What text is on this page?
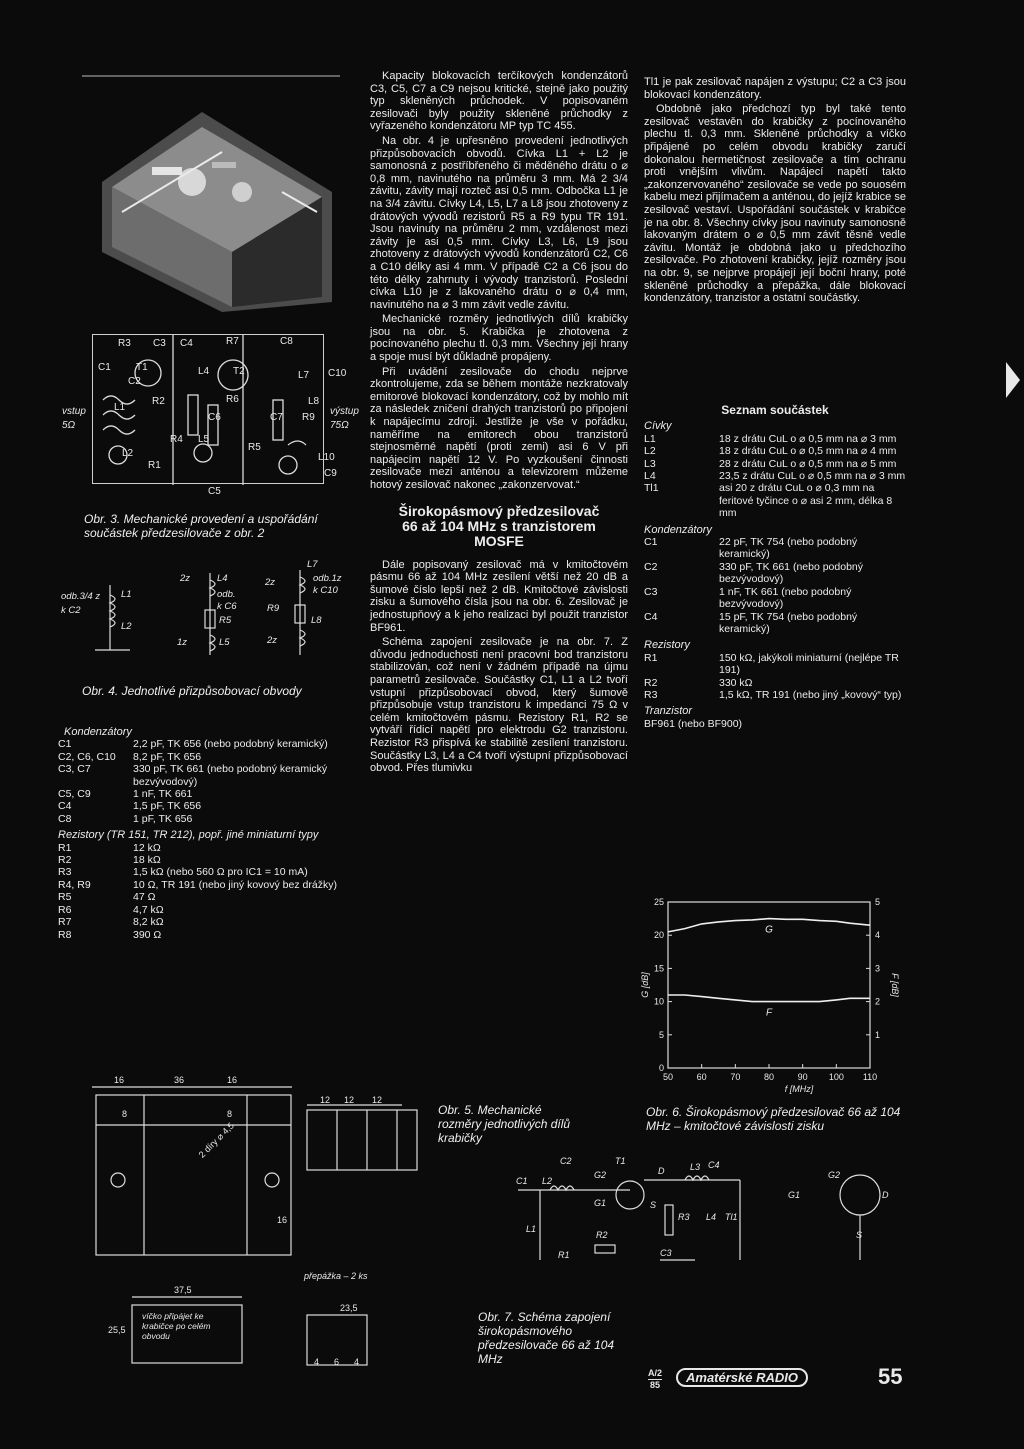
R3 C3 C4	R7	C8
C1	T1	L4 T2	L7 C10
C2
L1
R2	R6	L8
R4
C6	C7 R9
L5
R5
L10
C9
L2
R1
C5
vstup
5Ω
výstup
75Ω
Obr. 3. Mechanické provedení a uspořádání součástek předzesilovače z obr. 2
odb.3/4 z
k C2
L1
L2
2z	L4
odb.
k C6
R5
1z	L5
2z
R9
L7
odb.1z
k C10
L8
2z
Obr. 4. Jednotlivé přizpůsobovací obvody
Kondenzátory
C1	2,2 pF, TK 656 (nebo podobný keramický)
C2, C6, C10	8,2 pF, TK 656
C3, C7	330 pF, TK 661 (nebo podobný keramický bezvývodový)
C5, C9	1 nF, TK 661
C4	1,5 pF, TK 656
C8	1 pF, TK 656
Rezistory (TR 151, TR 212), popř. jiné miniaturní typy
R1	12 kΩ
R2	18 kΩ
R3	1,5 kΩ (nebo 560 Ω pro IC1 = 10 mA)
R4, R9	10 Ω, TR 191 (nebo jiný kovový bez drážky)
R5	47 Ω
R6	4,7 kΩ
R7	8,2 kΩ
R8	390 Ω
16	36	16
8	8
2 díry ⌀ 4,5
16
12 12 12
přepážka – 2 ks
23,5
37,5
25,5
víčko připájet ke krabičce po celém obvodu
4 6 4
Obr. 5. Mechanické rozměry jednotlivých dílů krabičky

Kapacity blokovacích terčíkových kondenzátorů C3, C5, C7 a C9 nejsou kritické, stejně jako použitý typ skleněných průchodek. V popisovaném zesilovači byly použity skleněné průchodky z vyřazeného kondenzátoru MP typ TC 455.

Na obr. 4 je upřesněno provedení jednotlivých přizpůsobovacích obvodů. Cívka L1 + L2 je samonosná z postříbřeného či měděného drátu o ⌀ 0,8 mm, navinutého na průměru 3 mm. Má 2 3/4 závitu, závity mají rozteč asi 0,5 mm. Odbočka L1 je na 3/4 závitu. Cívky L4, L5, L7 a L8 jsou zhotoveny z drátových vývodů rezistorů R5 a R9 typu TR 191. Jsou navinuty na průměru 2 mm, vzdálenost mezi závity je asi 0,5 mm. Cívky L3, L6, L9 jsou zhotoveny z drátových vývodů kondenzátorů C2, C6 a C10 délky asi 4 mm. V případě C2 a C6 jsou do této délky zahrnuty i vývody tranzistorů. Poslední cívka L10 je z lakovaného drátu o ⌀ 0,4 mm, navinutého na ⌀ 3 mm závit vedle závitu.

Mechanické rozměry jednotlivých dílů krabičky jsou na obr. 5. Krabička je zhotovena z pocínovaného plechu tl. 0,3 mm. Všechny její hrany a spoje musí být důkladně propájeny.

Při uvádění zesilovače do chodu nejprve zkontrolujeme, zda se během montáže nezkratovaly emitorové blokovací kondenzátory, což by mohlo mít za následek zničení drahých tranzistorů po připojení k napájecímu zdroji. Jestliže je vše v pořádku, naměříme na emitorech obou tranzistorů stejnosměrné napětí (proti zemi) asi 6 V při napájecím napětí 12 V. Po vyzkoušení činnosti zesilovače mezi anténou a televizorem můžeme hotový zesilovač nakonec „zakonzervovat.“

Širokopásmový předzesilovač 66 až 104 MHz s tranzistorem MOSFE

Dále popisovaný zesilovač má v kmitočtovém pásmu 66 až 104 MHz zesílení větší než 20 dB a šumové číslo lepší než 2 dB. Kmitočtové závislosti zisku a šumového čísla jsou na obr. 6. Zesilovač je jednostupňový a k jeho realizaci byl použit tranzistor BF961.

Schéma zapojení zesilovače je na obr. 7. Z důvodu jednoduchosti není pracovní bod tranzistoru stabilizován, což není v žádném případě na újmu parametrů zesilovače. Součástky C1, L1 a L2 tvoří vstupní přizpůsobovací obvod, který šumově přizpůsobuje vstup tranzistoru k impedanci 75 Ω v celém kmitočtovém pásmu. Rezistory R1, R2 se vytváří řídicí napětí pro elektrodu G2 tranzistoru. Rezistor R3 přispívá ke stabilitě zesílení tranzistoru. Součástky L3, L4 a C4 tvoří výstupní přizpůsobovací obvod. Přes tlumivku

Tl1 je pak zesilovač napájen z výstupu; C2 a C3 jsou blokovací kondenzátory.

Obdobně jako předchozí typ byl také tento zesilovač vestavěn do krabičky z pocínovaného plechu tl. 0,3 mm. Skleněné průchodky a víčko připájené po celém obvodu krabičky zaručí dokonalou hermetičnost zesilovače a tím ochranu proti vnějším vlivům. Napájecí napětí takto „zakonzervovaného“ zesilovače se vede po souosém kabelu mezi přijímačem a anténou, do jejíž krabice se zesilovač vestaví. Uspořádání součástek v krabičce je na obr. 8. Všechny cívky jsou navinuty samonosně lakovaným drátem o ⌀ 0,5 mm závit těsně vedle závitu. Montáž je obdobná jako u předchozího zesilovače. Po zhotovení krabičky, jejíž rozměry jsou na obr. 9, se nejprve propájejí její boční hrany, poté skleněné průchodky a přepážka, dále blokovací kondenzátory, tranzistor a ostatní součástky.

Seznam součástek
Cívky
L1	18 z drátu CuL o ⌀ 0,5 mm na ⌀ 3 mm
L2	18 z drátu CuL o ⌀ 0,5 mm na ⌀ 4 mm
L3	28 z drátu CuL o ⌀ 0,5 mm na ⌀ 5 mm
L4	23,5 z drátu CuL o ⌀ 0,5 mm na ⌀ 3 mm
Tl1	asi 20 z drátu CuL o ⌀ 0,3 mm na feritové tyčince o ⌀ asi 2 mm, délka 8 mm
Kondenzátory
C1	22 pF, TK 754 (nebo podobný keramický)
C2	330 pF, TK 661 (nebo podobný bezvývodový)
C3	1 nF, TK 661 (nebo podobný bezvývodový)
C4	15 pF, TK 754 (nebo podobný keramický)
Rezistory
R1	150 kΩ, jakýkoli miniaturní (nejlépe TR 191)
R2	330 kΩ
R3	1,5 kΩ, TR 191 (nebo jiný „kovový“ typ)
Tranzistor
BF961 (nebo BF900)
50	60	70	80	90 100 110
0
5
10
15
20
25
1
2
3
4
5
f [MHz]
G [dB]	F [dB]
G
F
Obr. 6. Širokopásmový předzesilovač 66 až 104 MHz – kmitočtové závislosti zisku
C2	T1
D	L3 C4
C1 L2
G2
G1	S
R3 L4 Tl1
L1
R1
R2
C3
G1
G2
D
S
Obr. 7. Schéma zapojení širokopásmového předzesilovače 66 až 104 MHz
A/2
85	Amatérské RADIO	55
